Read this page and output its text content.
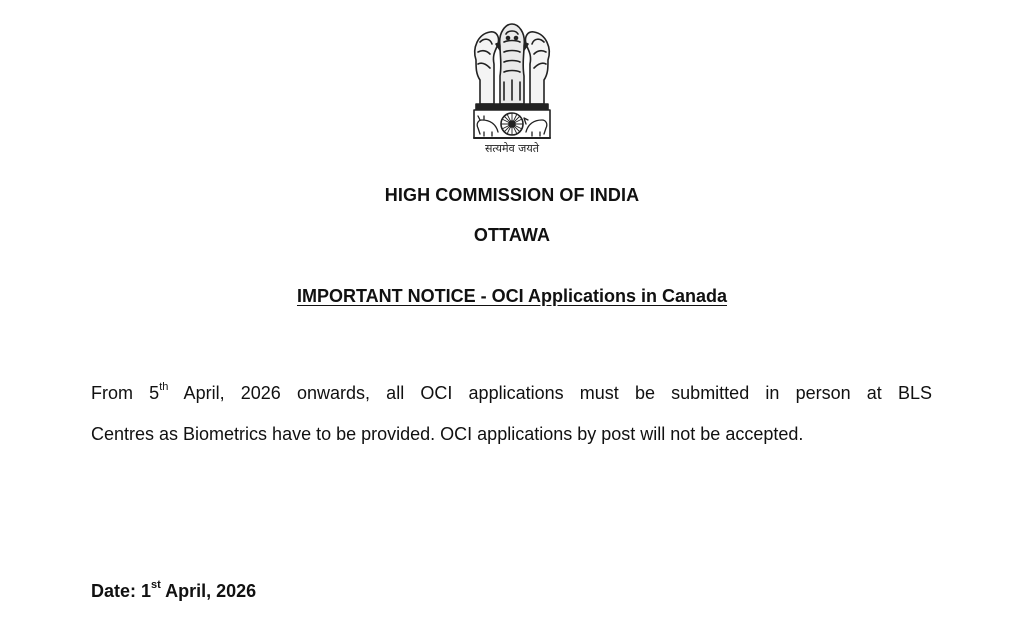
सत्यमेव जयते
HIGH COMMISSION OF INDIA
OTTAWA
IMPORTANT NOTICE - OCI Applications in Canada
From 5th April, 2026 onwards, all OCI applications must be submitted in person at BLS
Centres as Biometrics have to be provided. OCI applications by post will not be accepted.
Date: 1st April, 2026
